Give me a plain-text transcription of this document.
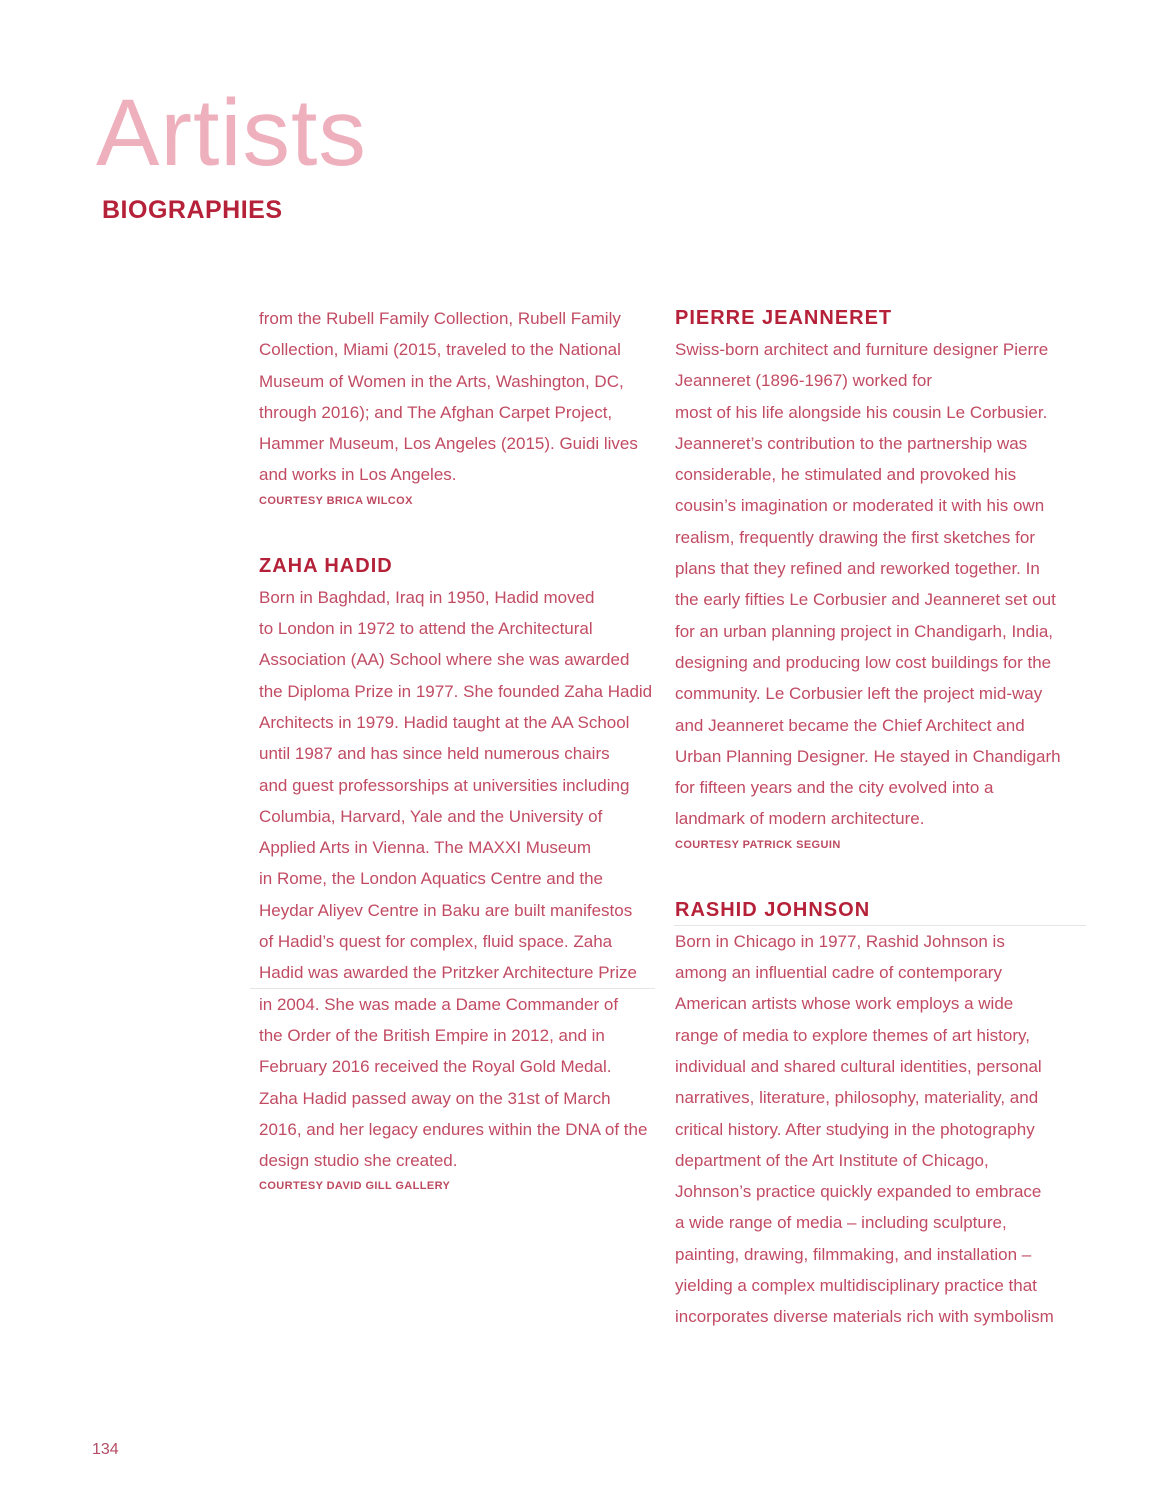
Artists
BIOGRAPHIES
from the Rubell Family Collection, Rubell Family
Collection, Miami (2015, traveled to the National
Museum of Women in the Arts, Washington, DC,
through 2016); and The Afghan Carpet Project,
Hammer Museum, Los Angeles (2015). Guidi lives
and works in Los Angeles.
COURTESY BRICA WILCOX
ZAHA HADID
Born in Baghdad, Iraq in 1950, Hadid moved
to London in 1972 to attend the Architectural
Association (AA) School where she was awarded
the Diploma Prize in 1977. She founded Zaha Hadid
Architects in 1979. Hadid taught at the AA School
until 1987 and has since held numerous chairs
and guest professorships at universities including
Columbia, Harvard, Yale and the University of
Applied Arts in Vienna. The MAXXI Museum
in Rome, the London Aquatics Centre and the
Heydar Aliyev Centre in Baku are built manifestos
of Hadid’s quest for complex, fluid space. Zaha
Hadid was awarded the Pritzker Architecture Prize
in 2004. She was made a Dame Commander of
the Order of the British Empire in 2012, and in
February 2016 received the Royal Gold Medal.
Zaha Hadid passed away on the 31st of March
2016, and her legacy endures within the DNA of the
design studio she created.
COURTESY DAVID GILL GALLERY
PIERRE JEANNERET
Swiss-born architect and furniture designer Pierre
Jeanneret (1896-1967) worked for
most of his life alongside his cousin Le Corbusier.
Jeanneret’s contribution to the partnership was
considerable, he stimulated and provoked his
cousin’s imagination or moderated it with his own
realism, frequently drawing the first sketches for
plans that they refined and reworked together. In
the early fifties Le Corbusier and Jeanneret set out
for an urban planning project in Chandigarh, India,
designing and producing low cost buildings for the
community. Le Corbusier left the project mid-way
and Jeanneret became the Chief Architect and
Urban Planning Designer. He stayed in Chandigarh
for fifteen years and the city evolved into a
landmark of modern architecture.
COURTESY PATRICK SEGUIN
RASHID JOHNSON
Born in Chicago in 1977, Rashid Johnson is
among an influential cadre of contemporary
American artists whose work employs a wide
range of media to explore themes of art history,
individual and shared cultural identities, personal
narratives, literature, philosophy, materiality, and
critical history. After studying in the photography
department of the Art Institute of Chicago,
Johnson’s practice quickly expanded to embrace
a wide range of media – including sculpture,
painting, drawing, filmmaking, and installation –
yielding a complex multidisciplinary practice that
incorporates diverse materials rich with symbolism
134
